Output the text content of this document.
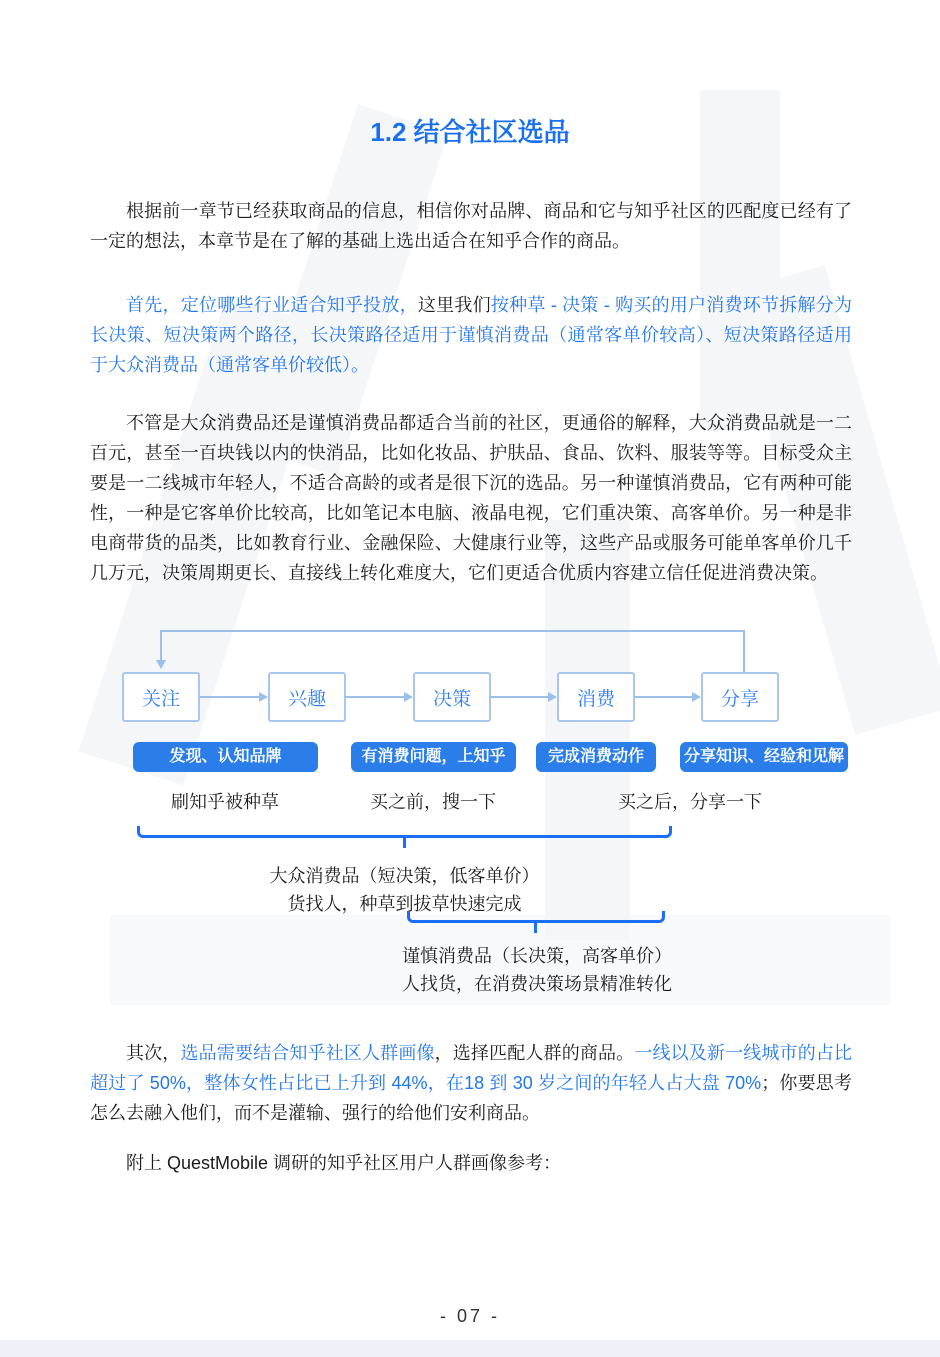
1.2 结合社区选品

根据前一章节已经获取商品的信息，相信你对品牌、商品和它与知乎社区的匹配度已经有了一定的想法，本章节是在了解的基础上选出适合在知乎合作的商品。

首先，定位哪些行业适合知乎投放，这里我们按种草 - 决策 - 购买的用户消费环节拆解分为长决策、短决策两个路径，长决策路径适用于谨慎消费品（通常客单价较高）、短决策路径适用于大众消费品（通常客单价较低）。

不管是大众消费品还是谨慎消费品都适合当前的社区，更通俗的解释，大众消费品就是一二百元，甚至一百块钱以内的快消品，比如化妆品、护肤品、食品、饮料、服装等等。目标受众主要是一二线城市年轻人，不适合高龄的或者是很下沉的选品。另一种谨慎消费品，它有两种可能性，一种是它客单价比较高，比如笔记本电脑、液晶电视，它们重决策、高客单价。另一种是非电商带货的品类，比如教育行业、金融保险、大健康行业等，这些产品或服务可能单客单价几千几万元，决策周期更长、直接线上转化难度大，它们更适合优质内容建立信任促进消费决策。

关注	兴趣	决策	消费	分享
发现、认知品牌	有消费问题，上知乎	完成消费动作	分享知识、经验和见解
刷知乎被种草	买之前，搜一下	买之后，分享一下
大众消费品（短决策，低客单价）
货找人，种草到拔草快速完成
谨慎消费品（长决策，高客单价）
人找货，在消费决策场景精准转化

其次，选品需要结合知乎社区人群画像，选择匹配人群的商品。一线以及新一线城市的占比超过了 50%，整体女性占比已上升到 44%，在18 到 30 岁之间的年轻人占大盘 70%；你要思考怎么去融入他们，而不是灌输、强行的给他们安利商品。

附上 QuestMobile 调研的知乎社区用户人群画像参考：

- 07 -
